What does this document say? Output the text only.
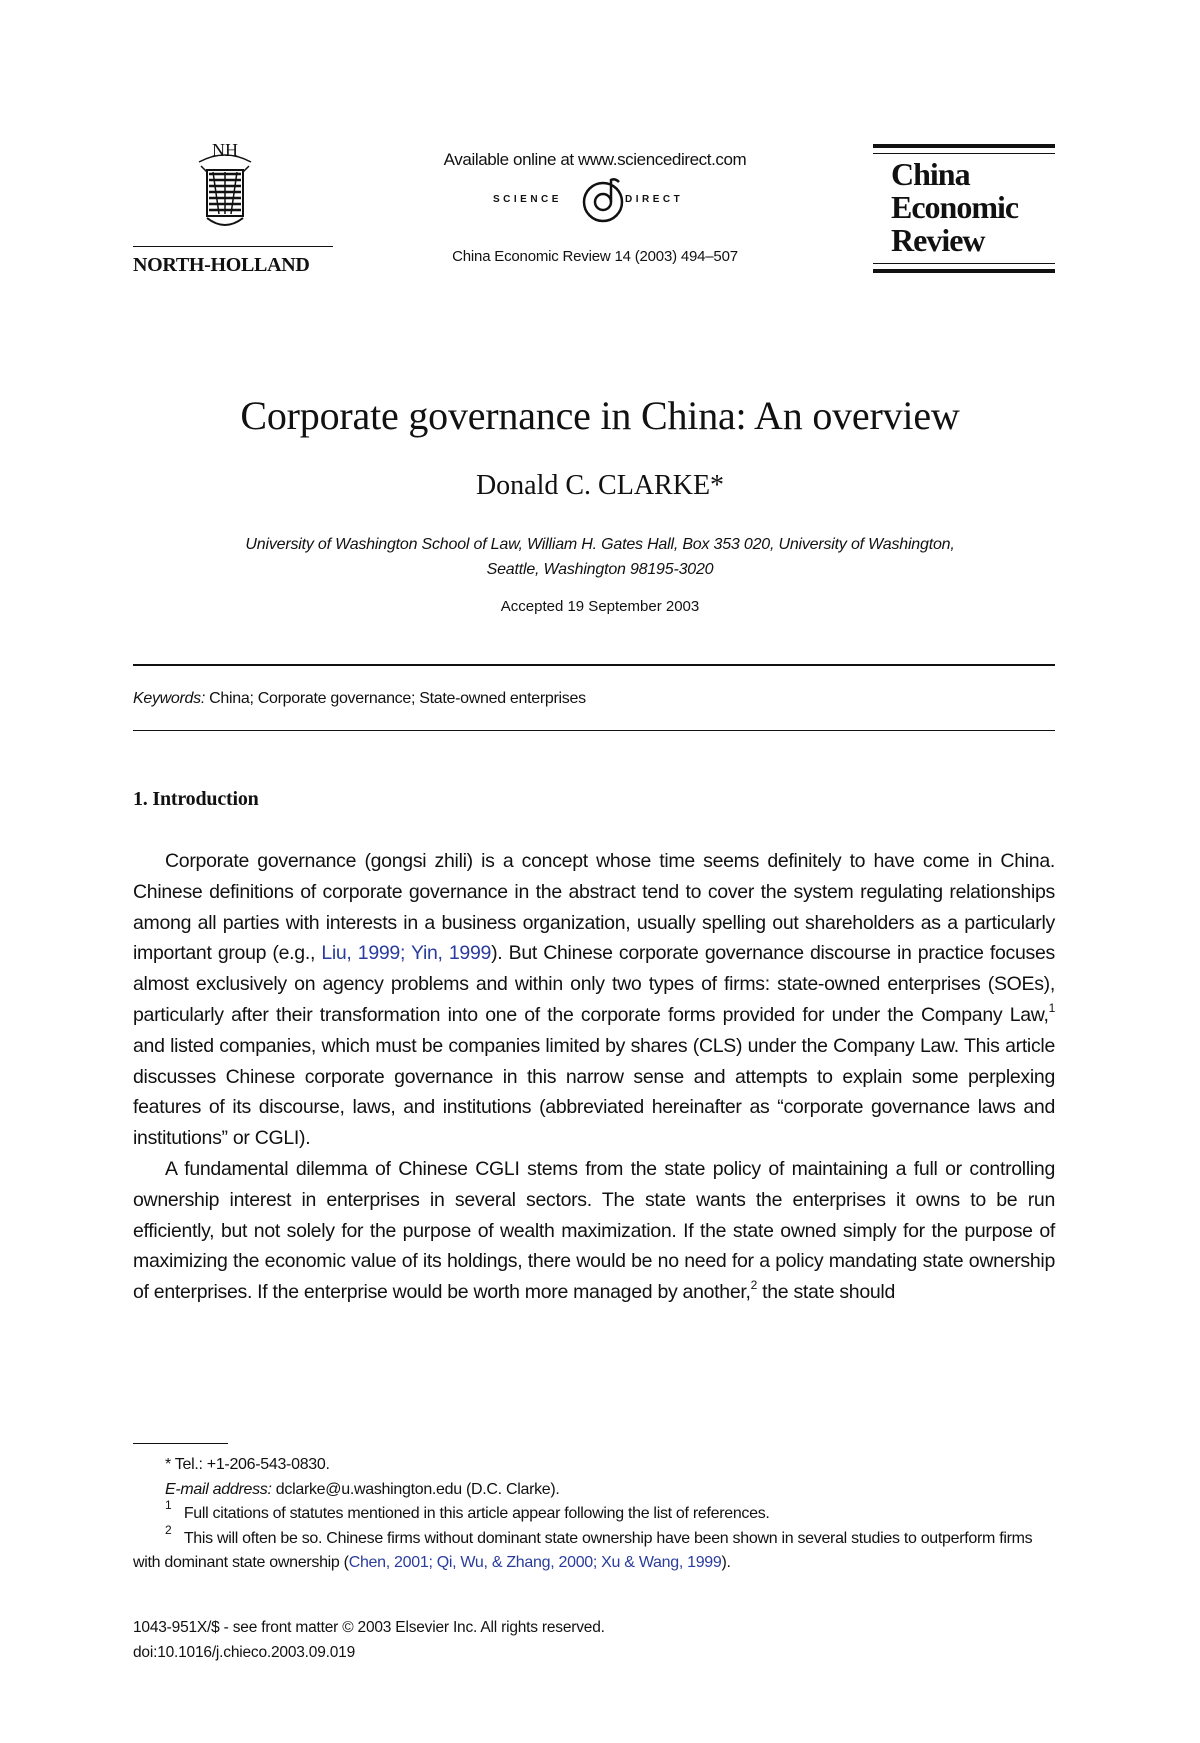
NH
NORTH-HOLLAND
Available online at www.sciencedirect.com
SCIENCE	DIRECT
China Economic Review 14 (2003) 494–507
China
Economic
Review
Corporate governance in China: An overview
Donald C. CLARKE*
University of Washington School of Law, William H. Gates Hall, Box 353 020, University of Washington,
Seattle, Washington 98195-3020
Accepted 19 September 2003
Keywords: China; Corporate governance; State-owned enterprises
1. Introduction

Corporate governance (gongsi zhili) is a concept whose time seems definitely to have come in China. Chinese definitions of corporate governance in the abstract tend to cover the system regulating relationships among all parties with interests in a business organization, usually spelling out shareholders as a particularly important group (e.g., Liu, 1999; Yin, 1999). But Chinese corporate governance discourse in practice focuses almost exclusively on agency problems and within only two types of firms: state-owned enterprises (SOEs), particularly after their transformation into one of the corporate forms provided for under the Company Law,$^1$ and listed companies, which must be companies limited by shares (CLS) under the Company Law. This article discusses Chinese corporate governance in this narrow sense and attempts to explain some perplexing features of its discourse, laws, and institutions (abbreviated hereinafter as “corporate governance laws and institutions” or CGLI).

A fundamental dilemma of Chinese CGLI stems from the state policy of maintaining a full or controlling ownership interest in enterprises in several sectors. The state wants the enterprises it owns to be run efficiently, but not solely for the purpose of wealth maximization. If the state owned simply for the purpose of maximizing the economic value of its holdings, there would be no need for a policy mandating state ownership of enterprises. If the enterprise would be worth more managed by another,$^2$ the state should

* Tel.: +1-206-543-0830.

E-mail address: dclarke@u.washington.edu (D.C. Clarke).

$^1$ Full citations of statutes mentioned in this article appear following the list of references.

$^2$ This will often be so. Chinese firms without dominant state ownership have been shown in several studies to outperform firms with dominant state ownership (Chen, 2001; Qi, Wu, & Zhang, 2000; Xu & Wang, 1999).

1043-951X/$ - see front matter © 2003 Elsevier Inc. All rights reserved.

doi:10.1016/j.chieco.2003.09.019
